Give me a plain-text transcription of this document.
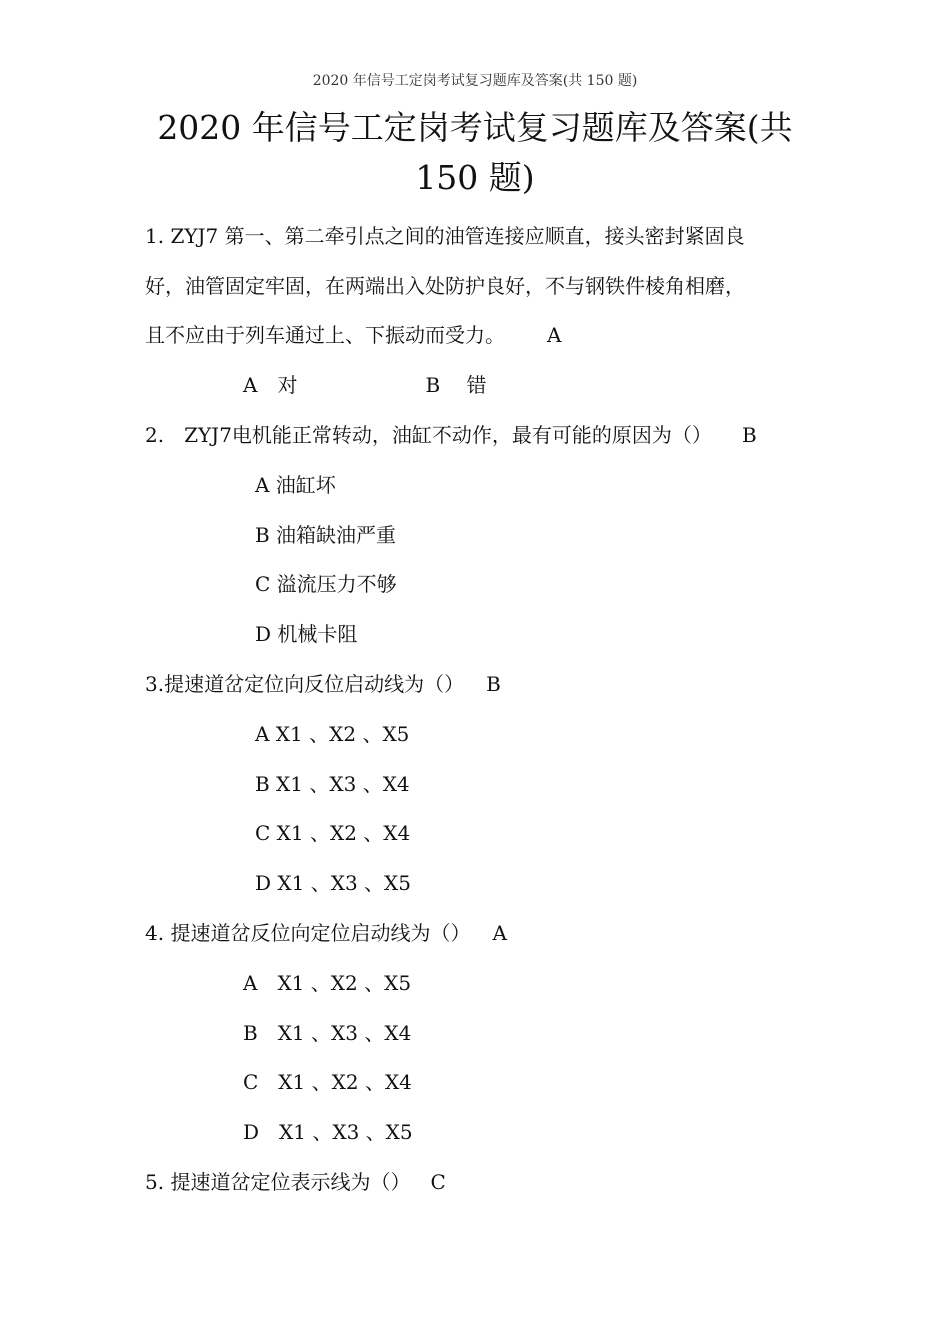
2020 年信号工定岗考试复习题库及答案(共 150 题)
2020 年信号工定岗考试复习题库及答案(共
150 题)
1. ZYJ7 第一、第二牵引点之间的油管连接应顺直，接头密封紧固良
好，油管固定牢固，在两端出入处防护良好，不与钢铁件棱角相磨，
且不应由于列车通过上、下振动而受力。 A
A　对	B　 错
2.　ZYJ7电机能正常转动，油缸不动作，最有可能的原因为（） B
A 油缸坏
B 油箱缺油严重
C 溢流压力不够
D 机械卡阻
3.提速道岔定位向反位启动线为（） B
A X1 、X2 、X5
B X1 、X3 、X4
C X1 、X2 、X4
D X1 、X3 、X5
4. 提速道岔反位向定位启动线为（） A
A　X1 、X2 、X5
B　X1 、X3 、X4
C　X1 、X2 、X4
D　X1 、X3 、X5
5. 提速道岔定位表示线为（） C
